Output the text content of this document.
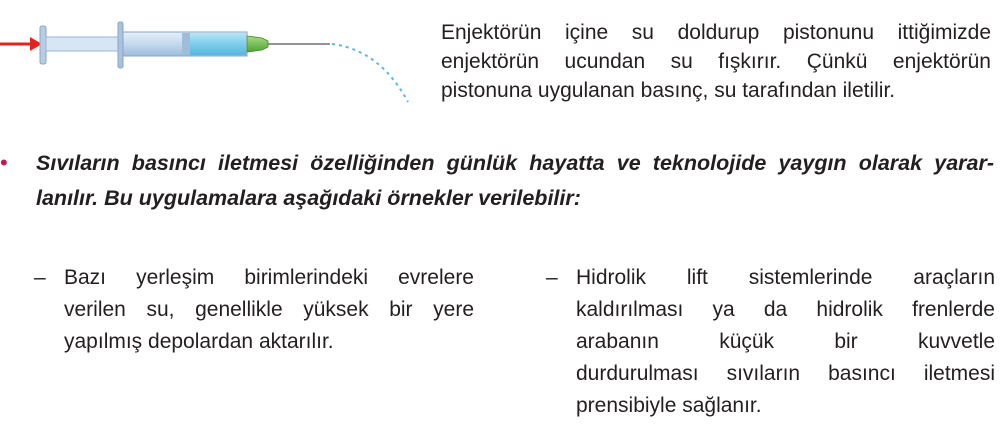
Enjektörün içine su doldurup pistonunu ittiğimizde
enjektörün ucundan su fışkırır. Çünkü enjektörün
pistonuna uygulanan basınç, su tarafından iletilir.
• Sıvıların basıncı iletmesi özelliğinden günlük hayatta ve teknolojide yaygın olarak yarar-
lanılır. Bu uygulamalara aşağıdaki örnekler verilebilir:
– Bazı yerleşim birimlerindeki evrelere
verilen su, genellikle yüksek bir yere
yapılmış depolardan aktarılır.
– Hidrolik lift sistemlerinde araçların
kaldırılması ya da hidrolik frenlerde
arabanın küçük bir kuvvetle
durdurulması sıvıların basıncı iletmesi
prensibiyle sağlanır.
